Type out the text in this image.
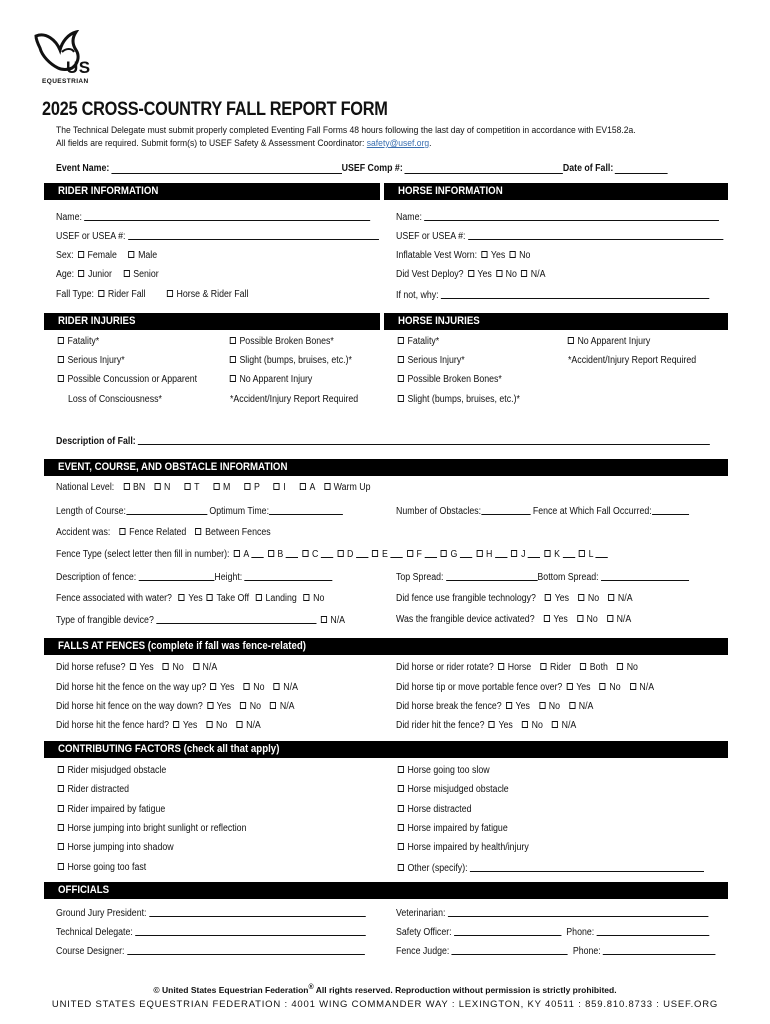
US
EQUESTRIAN
2025 CROSS-COUNTRY FALL REPORT FORM
The Technical Delegate must submit properly completed Eventing Fall Forms 48 hours following the last day of competition in accordance with EV158.2a.
All fields are required. Submit form(s) to USEF Safety & Assessment Coordinator: safety@usef.org.
Event Name:	USEF Comp #:	Date of Fall:
RIDER INFORMATION	HORSE INFORMATION
Name:
USEF or USEA #:
Sex: Female Male
Age: Junior Senior
Fall Type: Rider Fall	Horse & Rider Fall
Name:
USEF or USEA #:
Inflatable Vest Worn: Yes No
Did Vest Deploy? Yes No N/A
If not, why:
RIDER INJURIES	HORSE INJURIES
Fatality*
Serious Injury*
Possible Concussion or Apparent
Loss of Consciousness*
Possible Broken Bones*
Slight (bumps, bruises, etc.)*
No Apparent Injury
*Accident/Injury Report Required
Fatality*
Serious Injury*
Possible Broken Bones*
Slight (bumps, bruises, etc.)*
No Apparent Injury
*Accident/Injury Report Required
Description of Fall:
EVENT, COURSE, AND OBSTACLE INFORMATION
National Level: BN N T M P I A Warm Up
Length of Course:	Optimum Time:	Number of Obstacles:	Fence at Which Fall Occurred:
Accident was: Fence Related Between Fences
Fence Type (select letter then fill in number): A	B	C	D	E	F	G	H	J	K	L
Description of fence:	Height:	Top Spread:	Bottom Spread:
Fence associated with water? Yes Take Off Landing No	Did fence use frangible technology? Yes No N/A
Type of frangible device?	N/A	Was the frangible device activated? Yes No N/A
FALLS AT FENCES (complete if fall was fence-related)
Did horse refuse? Yes No N/A
Did horse hit the fence on the way up? Yes No N/A
Did horse hit fence on the way down? Yes No N/A
Did horse hit the fence hard? Yes No N/A
Did horse or rider rotate? Horse Rider Both No
Did horse tip or move portable fence over? Yes No N/A
Did horse break the fence? Yes No N/A
Did rider hit the fence? Yes No N/A
CONTRIBUTING FACTORS (check all that apply)
Rider misjudged obstacle
Rider distracted
Rider impaired by fatigue
Horse jumping into bright sunlight or reflection
Horse jumping into shadow
Horse going too fast
Horse going too slow
Horse misjudged obstacle
Horse distracted
Horse impaired by fatigue
Horse impaired by health/injury
Other (specify):
OFFICIALS
Ground Jury President:
Technical Delegate:
Course Designer:
Veterinarian:
Safety Officer:	Phone:
Fence Judge:	Phone:
© United States Equestrian Federation® All rights reserved. Reproduction without permission is strictly prohibited.
UNITED STATES EQUESTRIAN FEDERATION : 4001 WING COMMANDER WAY : LEXINGTON, KY 40511 : 859.810.8733 : USEF.ORG
